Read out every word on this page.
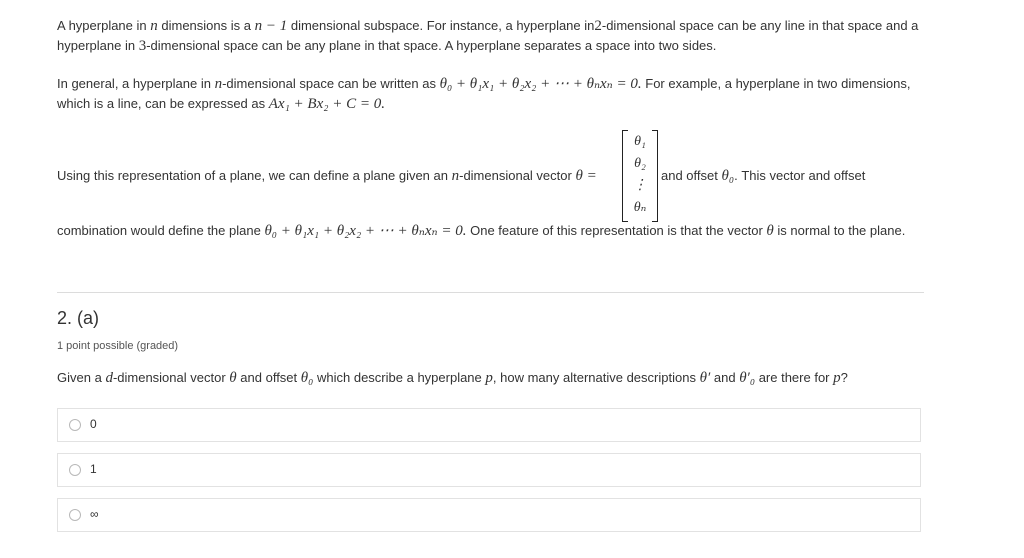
A hyperplane in n dimensions is a n − 1 dimensional subspace. For instance, a hyperplane in2-dimensional space can be any line in that space and a hyperplane in 3-dimensional space can be any plane in that space. A hyperplane separates a space into two sides.
In general, a hyperplane in n-dimensional space can be written as θ₀ + θ₁x₁ + θ₂x₂ + ⋯ + θₙxₙ = 0. For example, a hyperplane in two dimensions, which is a line, can be expressed as Ax₁ + Bx₂ + C = 0.
Using this representation of a plane, we can define a plane given an n-dimensional vector θ =
θ₁
θ₂
⋮
θₙ
and offset θ₀. This vector and offset
combination would define the plane θ₀ + θ₁x₁ + θ₂x₂ + ⋯ + θₙxₙ = 0. One feature of this representation is that the vector θ is normal to the plane.
2. (a)
1 point possible (graded)
Given a d-dimensional vector θ and offset θ₀ which describe a hyperplane p, how many alternative descriptions θ′ and θ′₀ are there for p?
0
1
∞
